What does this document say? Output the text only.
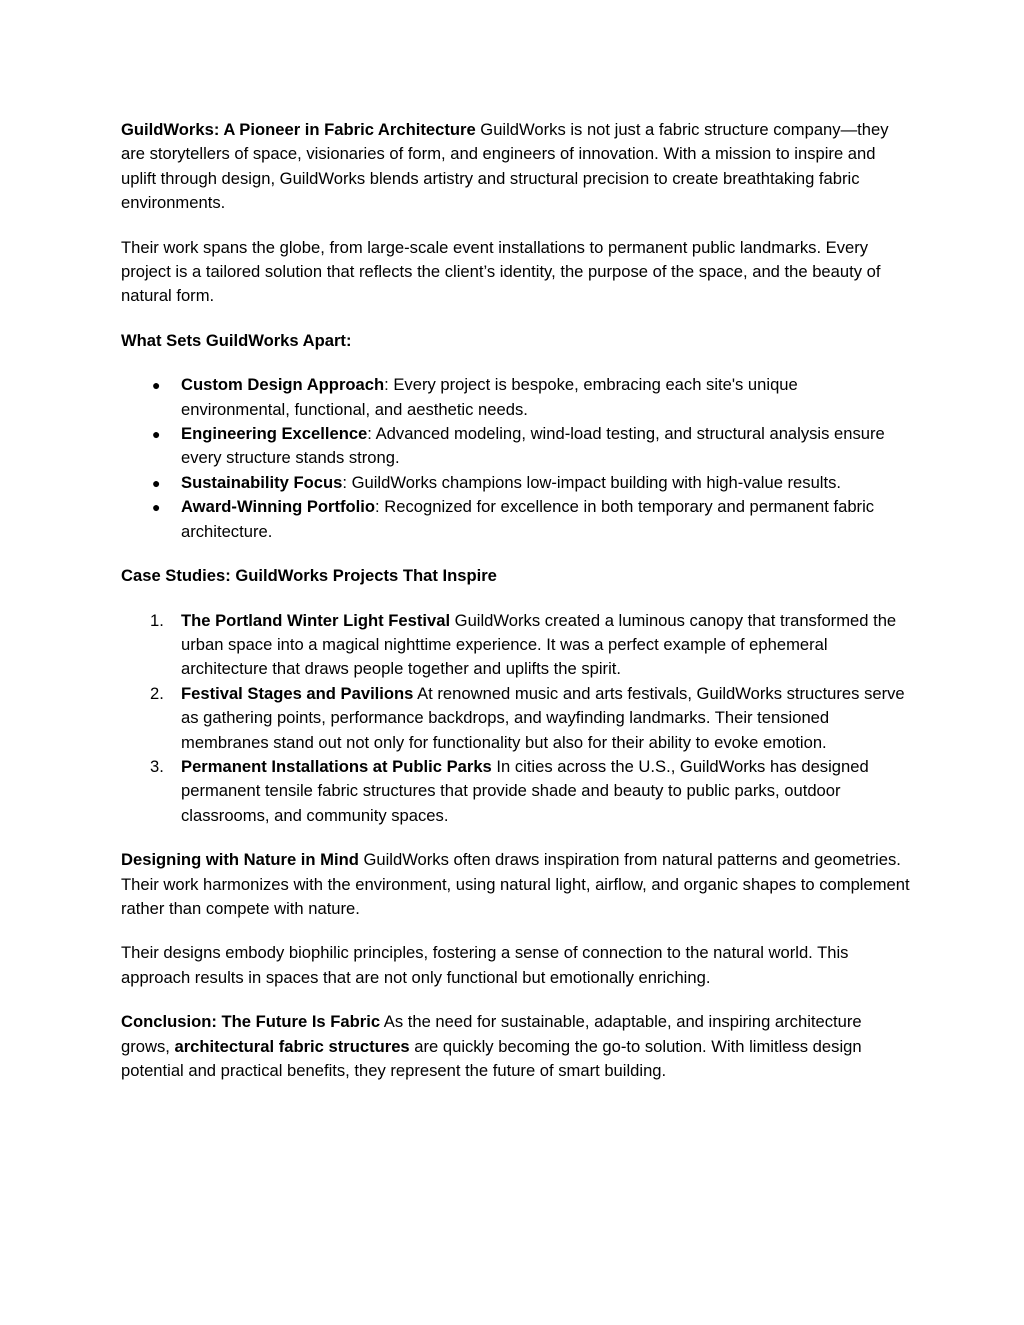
GuildWorks: A Pioneer in Fabric Architecture GuildWorks is not just a fabric structure company—they are storytellers of space, visionaries of form, and engineers of innovation. With a mission to inspire and uplift through design, GuildWorks blends artistry and structural precision to create breathtaking fabric environments.

Their work spans the globe, from large-scale event installations to permanent public landmarks. Every project is a tailored solution that reflects the client’s identity, the purpose of the space, and the beauty of natural form.

What Sets GuildWorks Apart:

● Custom Design Approach: Every project is bespoke, embracing each site's unique environmental, functional, and aesthetic needs.
● Engineering Excellence: Advanced modeling, wind-load testing, and structural analysis ensure every structure stands strong.
● Sustainability Focus: GuildWorks champions low-impact building with high-value results.
● Award-Winning Portfolio: Recognized for excellence in both temporary and permanent fabric architecture.

Case Studies: GuildWorks Projects That Inspire

1. The Portland Winter Light Festival GuildWorks created a luminous canopy that transformed the urban space into a magical nighttime experience. It was a perfect example of ephemeral architecture that draws people together and uplifts the spirit.
2. Festival Stages and Pavilions At renowned music and arts festivals, GuildWorks structures serve as gathering points, performance backdrops, and wayfinding landmarks. Their tensioned membranes stand out not only for functionality but also for their ability to evoke emotion.
3. Permanent Installations at Public Parks In cities across the U.S., GuildWorks has designed permanent tensile fabric structures that provide shade and beauty to public parks, outdoor classrooms, and community spaces.

Designing with Nature in Mind GuildWorks often draws inspiration from natural patterns and geometries. Their work harmonizes with the environment, using natural light, airflow, and organic shapes to complement rather than compete with nature.

Their designs embody biophilic principles, fostering a sense of connection to the natural world. This approach results in spaces that are not only functional but emotionally enriching.

Conclusion: The Future Is Fabric As the need for sustainable, adaptable, and inspiring architecture grows, architectural fabric structures are quickly becoming the go-to solution. With limitless design potential and practical benefits, they represent the future of smart building.
